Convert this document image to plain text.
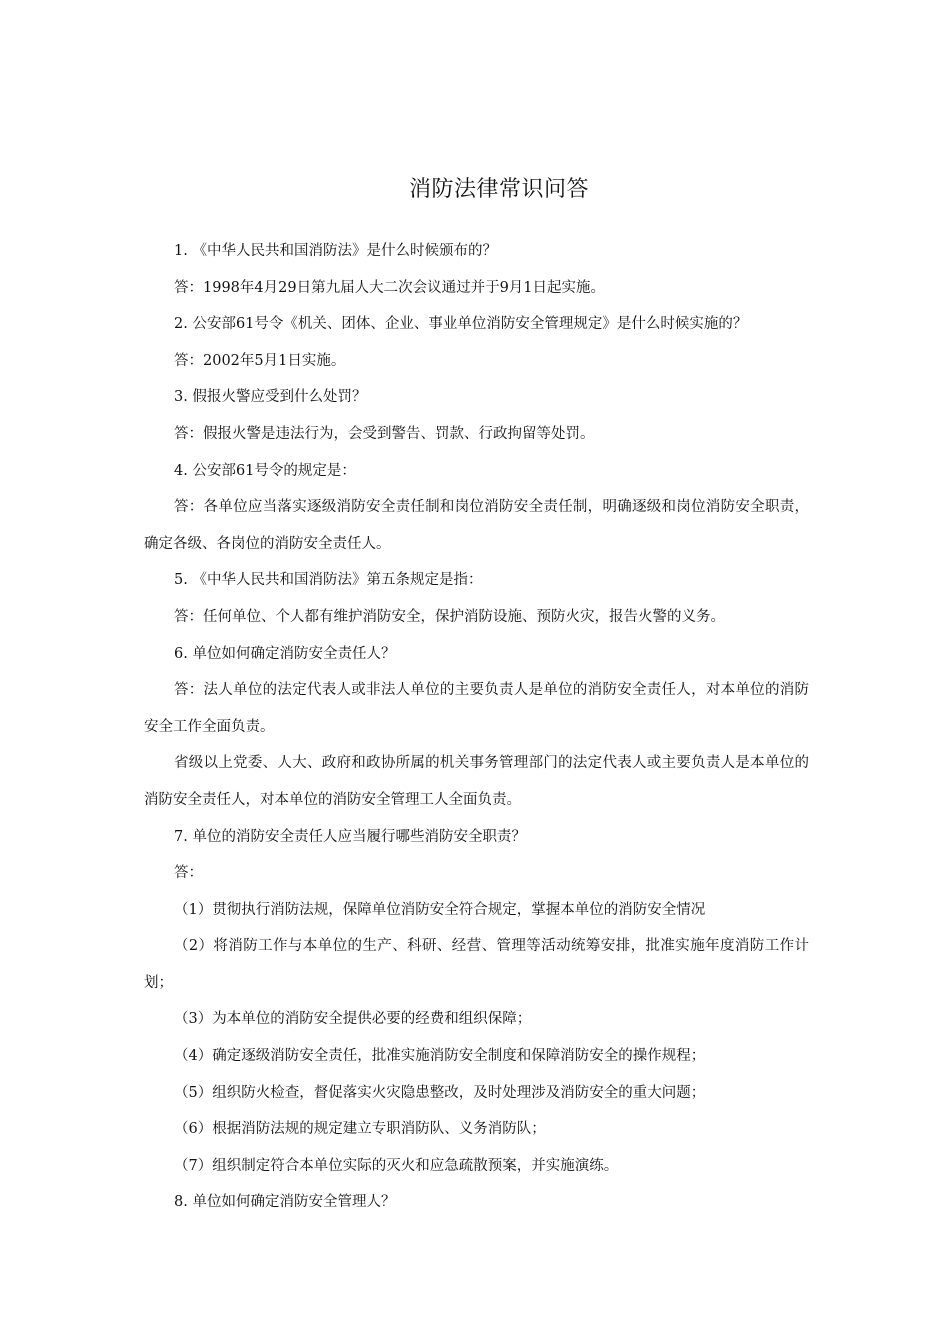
消防法律常识问答

1. 《中华人民共和国消防法》是什么时候颁布的？

答：1998年4月29日第九届人大二次会议通过并于9月1日起实施。

2. 公安部61号令《机关、团体、企业、事业单位消防安全管理规定》是什么时候实施的？

答：2002年5月1日实施。

3. 假报火警应受到什么处罚？

答：假报火警是违法行为，会受到警告、罚款、行政拘留等处罚。

4. 公安部61号令的规定是：

答：各单位应当落实逐级消防安全责任制和岗位消防安全责任制，明确逐级和岗位消防安全职责，确定各级、各岗位的消防安全责任人。

5. 《中华人民共和国消防法》第五条规定是指：

答：任何单位、个人都有维护消防安全，保护消防设施、预防火灾，报告火警的义务。

6. 单位如何确定消防安全责任人？

答：法人单位的法定代表人或非法人单位的主要负责人是单位的消防安全责任人，对本单位的消防安全工作全面负责。

省级以上党委、人大、政府和政协所属的机关事务管理部门的法定代表人或主要负责人是本单位的消防安全责任人，对本单位的消防安全管理工人全面负责。

7. 单位的消防安全责任人应当履行哪些消防安全职责？

答：

（1）贯彻执行消防法规，保障单位消防安全符合规定，掌握本单位的消防安全情况

（2）将消防工作与本单位的生产、科研、经营、管理等活动统筹安排，批准实施年度消防工作计划；

（3）为本单位的消防安全提供必要的经费和组织保障；

（4）确定逐级消防安全责任，批准实施消防安全制度和保障消防安全的操作规程；

（5）组织防火检查，督促落实火灾隐患整改，及时处理涉及消防安全的重大问题；

（6）根据消防法规的规定建立专职消防队、义务消防队；

（7）组织制定符合本单位实际的灭火和应急疏散预案，并实施演练。

8. 单位如何确定消防安全管理人？
